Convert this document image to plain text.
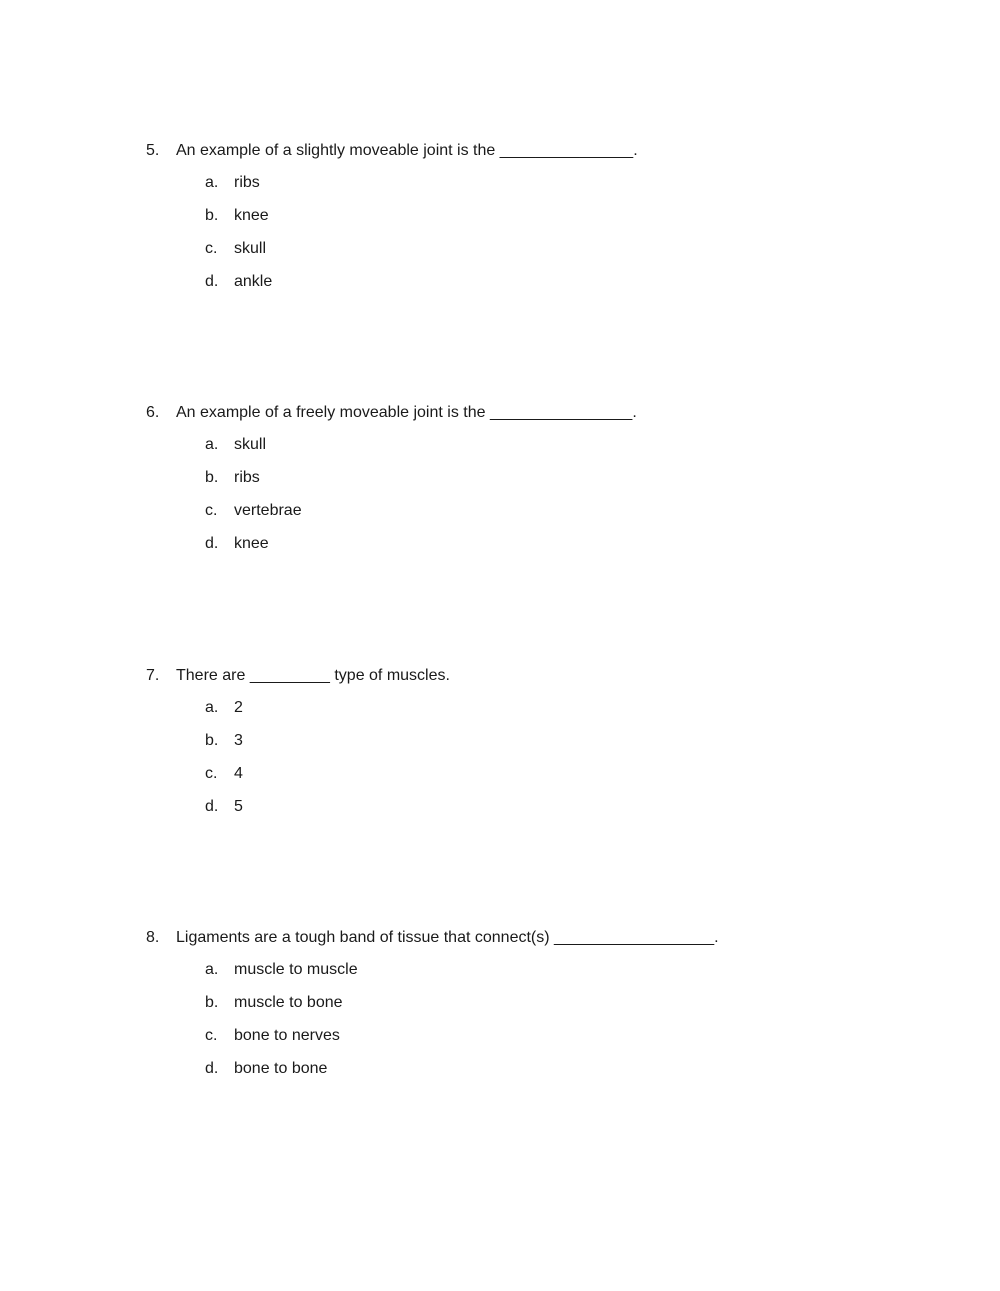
5. An example of a slightly moveable joint is the _______________.
a. ribs
b. knee
c. skull
d. ankle
6. An example of a freely moveable joint is the ________________.
a. skull
b. ribs
c. vertebrae
d. knee
7. There are _________ type of muscles.
a. 2
b. 3
c. 4
d. 5
8. Ligaments are a tough band of tissue that connect(s) __________________.
a. muscle to muscle
b. muscle to bone
c. bone to nerves
d. bone to bone
